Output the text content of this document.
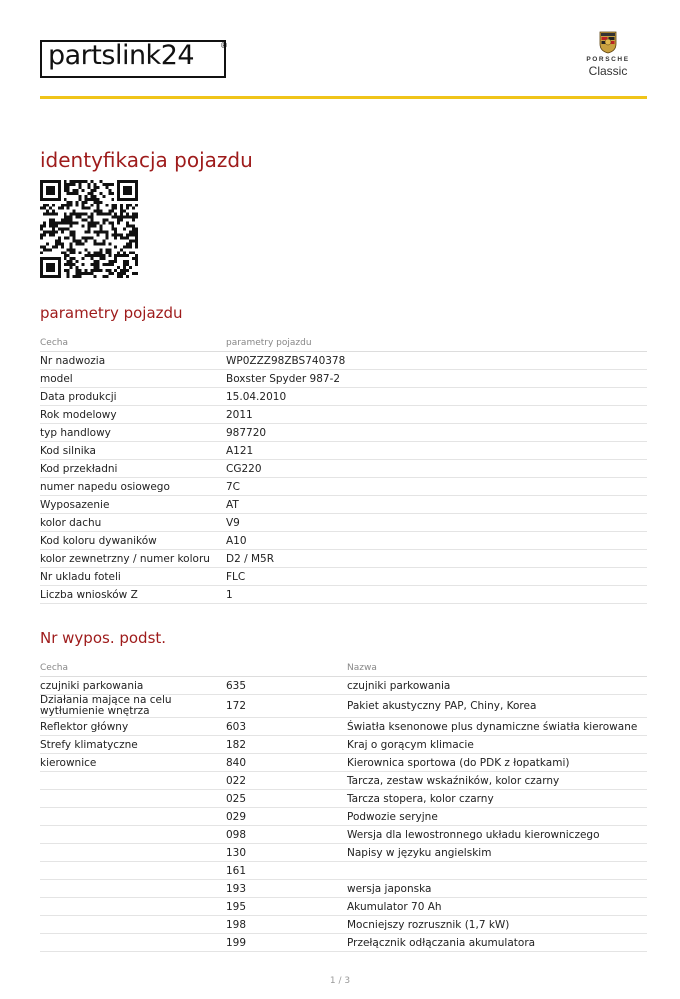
partslink24	®
PORSCHE
Classic
identyfikacja pojazdu
parametry pojazdu
Cecha	parametry pojazdu
Nr nadwozia	WP0ZZZ98ZBS740378
model	Boxster Spyder 987-2
Data produkcji	15.04.2010
Rok modelowy	2011
typ handlowy	987720
Kod silnika	A121
Kod przekładni	CG220
numer napedu osiowego	7C
Wyposazenie	AT
kolor dachu	V9
Kod koloru dywaników	A10
kolor zewnetrzny / numer koloru	D2 / M5R
Nr ukladu foteli	FLC
Liczba wniosków Z	1
Nr wypos. podst.
Cecha		Nazwa
czujniki parkowania	635	czujniki parkowania
Działania mające na celu wytłumienie wnętrza	172	Pakiet akustyczny PAP, Chiny, Korea
Reflektor główny	603	Światła ksenonowe plus dynamiczne światła kierowane
Strefy klimatyczne	182	Kraj o gorącym klimacie
kierownice	840	Kierownica sportowa (do PDK z łopatkami)
	022	Tarcza, zestaw wskaźników, kolor czarny
	025	Tarcza stopera, kolor czarny
	029	Podwozie seryjne
	098	Wersja dla lewostronnego układu kierowniczego
	130	Napisy w języku angielskim
	161	
	193	wersja japonska
	195	Akumulator 70 Ah
	198	Mocniejszy rozrusznik (1,7 kW)
	199	Przełącznik odłączania akumulatora
1 / 3
